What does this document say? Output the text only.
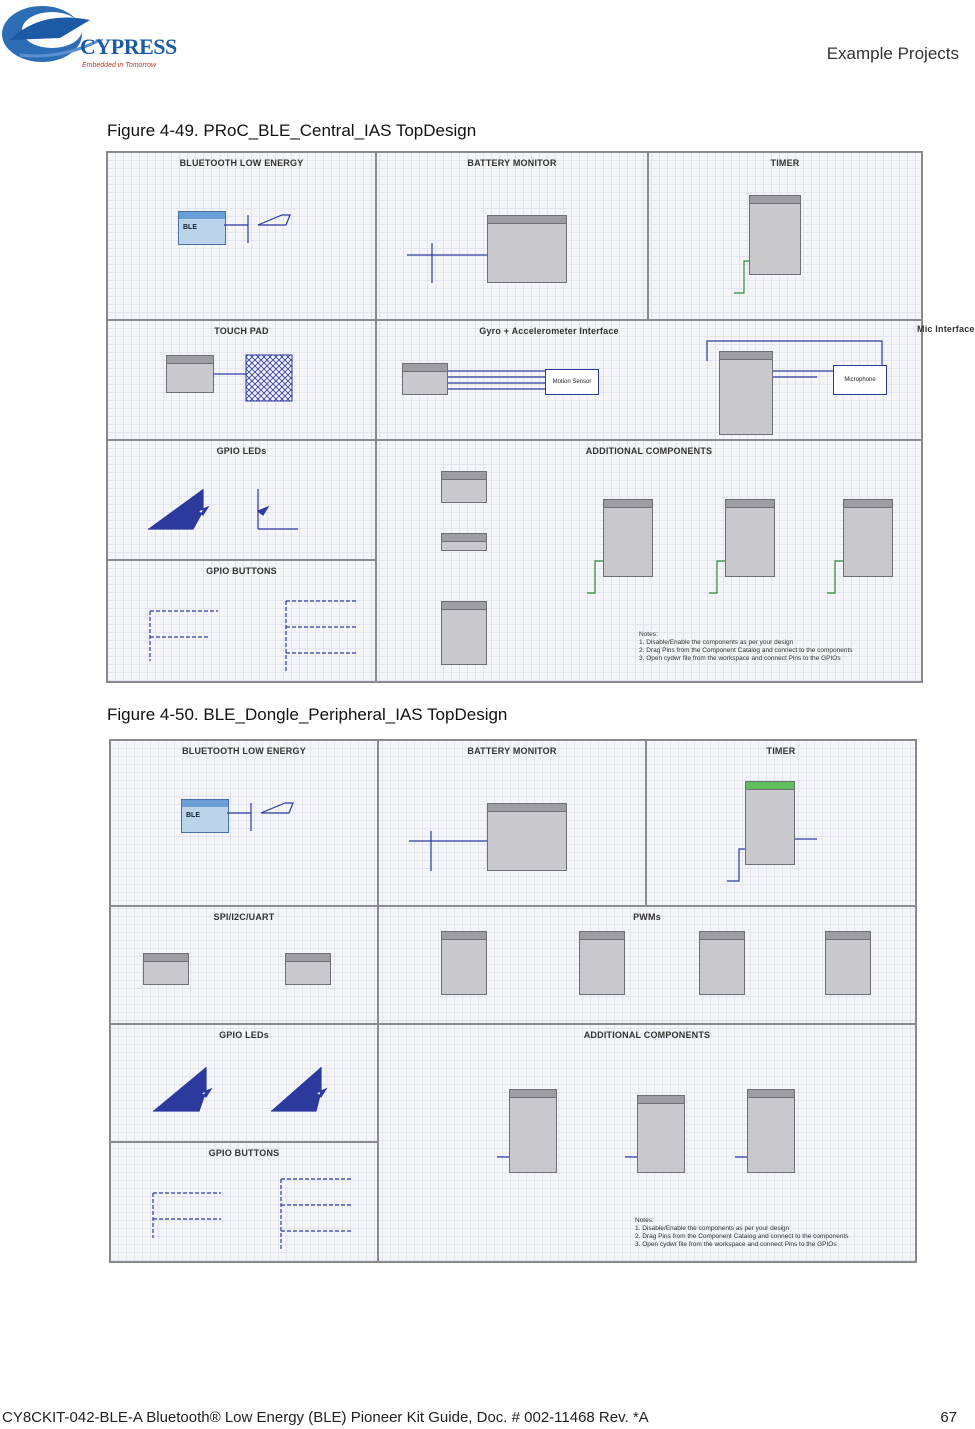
CYPRESS
Embedded in Tomorrow
Example Projects
Figure 4-49. PRoC_BLE_Central_IAS TopDesign
BLUETOOTH LOW ENERGY
BLE
BATTERY MONITOR	TIMER
TOUCH PAD	Gyro + Accelerometer Interface	Mic Interface
Motion Sensor	Microphone
GPIO LEDs	ADDITIONAL COMPONENTS
Notes:
1. Disable/Enable the components as per your design
2. Drag Pins from the Component Catalog and connect to the components
3. Open cydwr file from the workspace and connect Pins to the GPIOs
GPIO BUTTONS
Figure 4-50. BLE_Dongle_Peripheral_IAS TopDesign
BLUETOOTH LOW ENERGY
BLE
BATTERY MONITOR	TIMER
SPI/I2C/UART	PWMs
GPIO LEDs	ADDITIONAL COMPONENTS
Notes:
1. Disable/Enable the components as per your design
2. Drag Pins from the Component Catalog and connect to the components
3. Open cydwr file from the workspace and connect Pins to the GPIOs
GPIO BUTTONS
CY8CKIT-042-BLE-A Bluetooth® Low Energy (BLE) Pioneer Kit Guide, Doc. # 002-11468 Rev. *A	67
